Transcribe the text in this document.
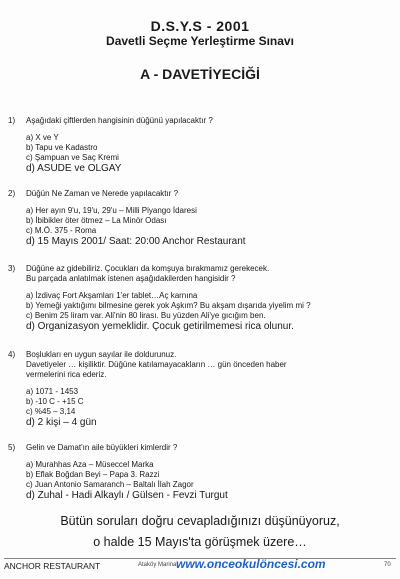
D.S.Y.S - 2001
Davetli Seçme Yerleştirme Sınavı
A - DAVETİYECİĞİ
1)	Aşağıdaki çiftlerden hangisinin düğünü yapılacaktır ?
a) X ve Y
b) Tapu ve Kadastro
c) Şampuan ve Saç Kremi
d) ASUDE ve OLGAY
2)	Düğün Ne Zaman ve Nerede yapılacaktır ?
a) Her ayın 9'u, 19'u, 29'u – Milli Piyango İdaresi
b) İbibikler öter ötmez – La Minör Odası
c) M.Ö. 375 - Roma
d) 15 Mayıs 2001/ Saat: 20:00 Anchor Restaurant
3)	Düğüne az gidebiliriz. Çocukları da komşuya bırakmamız gerekecek.
Bu parçada anlatılmak istenen aşağıdakilerden hangisidir ?
a) İzdivaç Fort Akşamları 1'er tablet…Aç karnına
b) Yemeği yaktığımı bilmesine gerek yok Aşkım? Bu akşam dışarıda yiyelim mi ?
c) Benim 25 liram var. Ali'nin 80 lirası. Bu yüzden Ali'ye gıcığım ben.
d) Organizasyon yemeklidir. Çocuk getirilmemesi rica olunur.
4)	Boşlukları en uygun sayılar ile doldurunuz.
Davetiyeler … kişiliktir. Düğüne katılamayacakların … gün önceden haber
vermelerini rica ederiz.
a) 1071 - 1453
b) -10 C - +15 C
c) %45 – 3,14
d) 2 kişi – 4 gün
5)	Gelin ve Damat'ın aile büyükleri kimlerdir ?
a) Murahhas Aza – Müseccel Marka
b) Eflak Boğdan Beyi – Papa 3. Razzi
c) Juan Antonio Samaranch – Baltalı İlah Zagor
d) Zuhal - Hadi Alkaylı / Gülsen - Fevzi Turgut
Bütün soruları doğru cevapladığınızı düşünüyoruz,
o halde 15 Mayıs'ta görüşmek üzere…
ANCHOR RESTAURANT	Ataköy Marina www.onceokulöncesi.com	70
